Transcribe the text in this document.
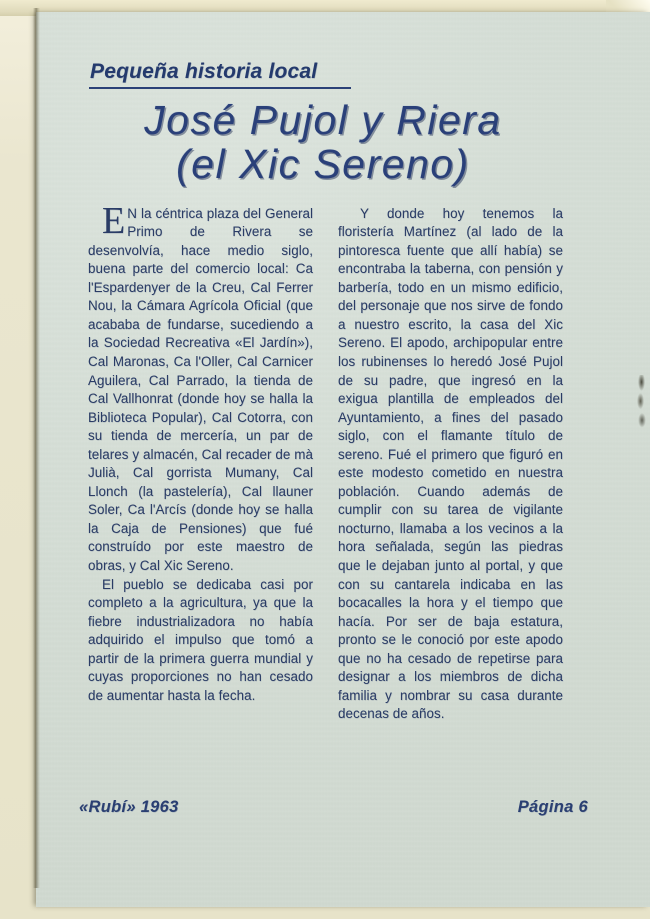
Pequeña historia local
José Pujol y Riera
(el Xic Sereno)

E N la céntrica plaza del General Primo de Rivera se desenvolvía, hace medio siglo, buena parte del comercio local: Ca l'Espardenyer de la Creu, Cal Ferrer Nou, la Cámara Agrícola Oficial (que acababa de fundarse, sucediendo a la Sociedad Recreativa «El Jardín»), Cal Maronas, Ca l'Oller, Cal Carnicer Aguilera, Cal Parrado, la tienda de Cal Vallhonrat (donde hoy se halla la Biblioteca Popular), Cal Cotorra, con su tienda de mercería, un par de telares y almacén, Cal recader de mà Julià, Cal gorrista Mumany, Cal Llonch (la pastelería), Cal llauner Soler, Ca l'Arcís (donde hoy se halla la Caja de Pensiones) que fué construído por este maestro de obras, y Cal Xic Sereno.

El pueblo se dedicaba casi por completo a la agricultura, ya que la fiebre industrializadora no había adquirido el impulso que tomó a partir de la primera guerra mundial y cuyas proporciones no han cesado de aumentar hasta la fecha.

Y donde hoy tenemos la floristería Martínez (al lado de la pintoresca fuente que allí había) se encontraba la taberna, con pensión y barbería, todo en un mismo edificio, del personaje que nos sirve de fondo a nuestro escrito, la casa del Xic Sereno. El apodo, archipopular entre los rubinenses lo heredó José Pujol de su padre, que ingresó en la exigua plantilla de empleados del Ayuntamiento, a fines del pasado siglo, con el flamante título de sereno. Fué el primero que figuró en este modesto cometido en nuestra población. Cuando además de cumplir con su tarea de vigilante nocturno, llamaba a los vecinos a la hora señalada, según las piedras que le dejaban junto al portal, y que con su cantarela indicaba en las bocacalles la hora y el tiempo que hacía. Por ser de baja estatura, pronto se le conoció por este apodo que no ha cesado de repetirse para designar a los miembros de dicha familia y nombrar su casa durante decenas de años.

«Rubí» 1963	Página 6
